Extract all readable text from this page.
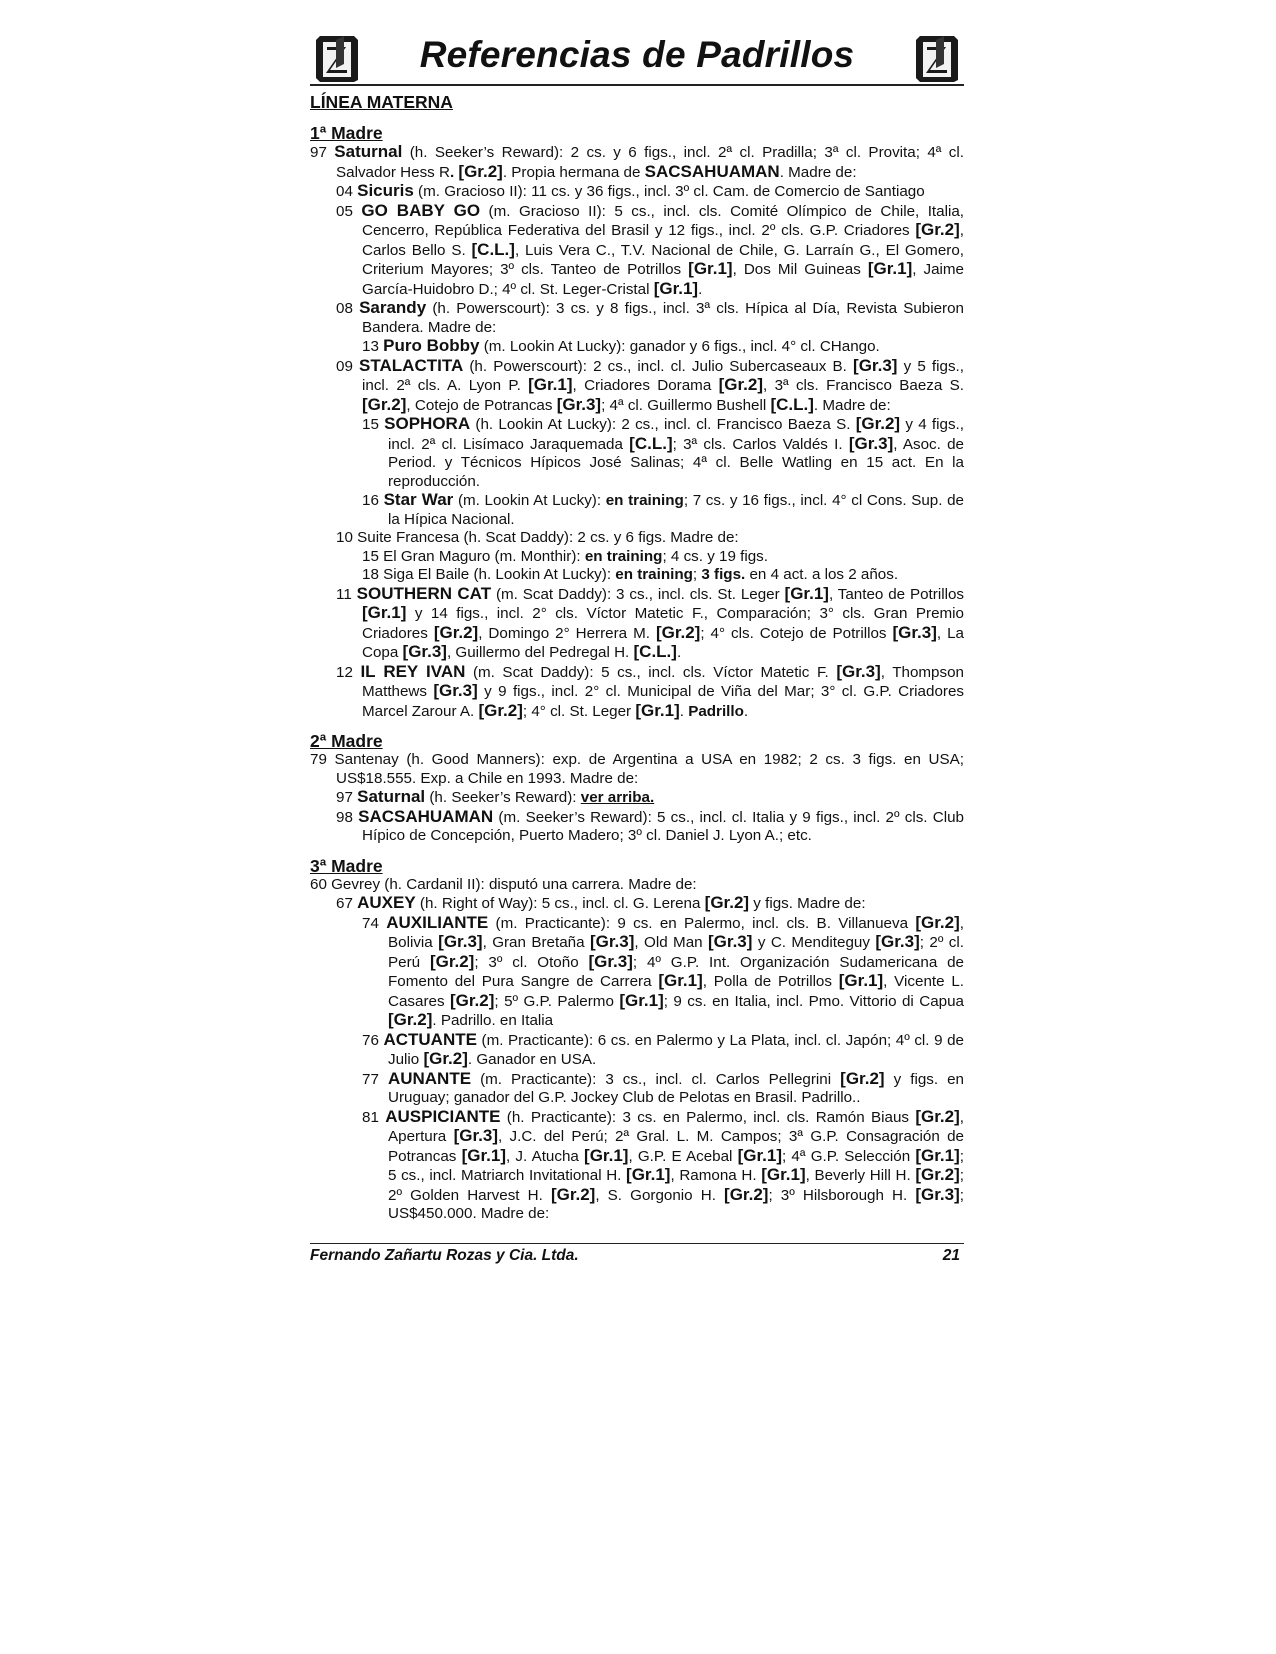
Referencias de Padrillos
LÍNEA MATERNA
1ª Madre
97 Saturnal (h. Seeker’s Reward): 2 cs. y 6 figs., incl. 2ª cl. Pradilla; 3ª cl. Provita; 4ª cl. Salvador Hess R. [Gr.2]. Propia hermana de SACSAHUAMAN. Madre de:
04 Sicuris (m. Gracioso II): 11 cs. y 36 figs., incl. 3º cl. Cam. de Comercio de Santiago
05 GO BABY GO (m. Gracioso II): 5 cs., incl. cls. Comité Olímpico de Chile, Italia, Cencerro, República Federativa del Brasil y 12 figs., incl. 2º cls. G.P. Criadores [Gr.2], Carlos Bello S. [C.L.], Luis Vera C., T.V. Nacional de Chile, G. Larraín G., El Gomero, Criterium Mayores; 3º cls. Tanteo de Potrillos [Gr.1], Dos Mil Guineas [Gr.1], Jaime García-Huidobro D.; 4º cl. St. Leger-Cristal [Gr.1].
08 Sarandy (h. Powerscourt): 3 cs. y 8 figs., incl. 3ª cls. Hípica al Día, Revista Subieron Bandera. Madre de:
13 Puro Bobby (m. Lookin At Lucky): ganador y 6 figs., incl. 4° cl. CHango.
09 STALACTITA (h. Powerscourt): 2 cs., incl. cl. Julio Subercaseaux B. [Gr.3] y 5 figs., incl. 2ª cls. A. Lyon P. [Gr.1], Criadores Dorama [Gr.2], 3ª cls. Francisco Baeza S. [Gr.2], Cotejo de Potrancas [Gr.3]; 4ª cl. Guillermo Bushell [C.L.]. Madre de:
15 SOPHORA (h. Lookin At Lucky): 2 cs., incl. cl. Francisco Baeza S. [Gr.2] y 4 figs., incl. 2ª cl. Lisímaco Jaraquemada [C.L.]; 3ª cls. Carlos Valdés I. [Gr.3], Asoc. de Period. y Técnicos Hípicos José Salinas; 4ª cl. Belle Watling en 15 act. En la reproducción.
16 Star War (m. Lookin At Lucky): en training; 7 cs. y 16 figs., incl. 4° cl Cons. Sup. de la Hípica Nacional.
10 Suite Francesa (h. Scat Daddy): 2 cs. y 6 figs. Madre de:
15 El Gran Maguro (m. Monthir): en training; 4 cs. y 19 figs.
18 Siga El Baile (h. Lookin At Lucky): en training; 3 figs. en 4 act. a los 2 años.
11 SOUTHERN CAT (m. Scat Daddy): 3 cs., incl. cls. St. Leger [Gr.1], Tanteo de Potrillos [Gr.1] y 14 figs., incl. 2° cls. Víctor Matetic F., Comparación; 3° cls. Gran Premio Criadores [Gr.2], Domingo 2° Herrera M. [Gr.2]; 4° cls. Cotejo de Potrillos [Gr.3], La Copa [Gr.3], Guillermo del Pedregal H. [C.L.].
12 IL REY IVAN (m. Scat Daddy): 5 cs., incl. cls. Víctor Matetic F. [Gr.3], Thompson Matthews [Gr.3] y 9 figs., incl. 2° cl. Municipal de Viña del Mar; 3° cl. G.P. Criadores Marcel Zarour A. [Gr.2]; 4° cl. St. Leger [Gr.1]. Padrillo.
2ª Madre
79 Santenay (h. Good Manners): exp. de Argentina a USA en 1982; 2 cs. 3 figs. en USA; US$18.555. Exp. a Chile en 1993. Madre de:
97 Saturnal (h. Seeker’s Reward): ver arriba.
98 SACSAHUAMAN (m. Seeker’s Reward): 5 cs., incl. cl. Italia y 9 figs., incl. 2º cls. Club Hípico de Concepción, Puerto Madero; 3º cl. Daniel J. Lyon A.; etc.
3ª Madre
60 Gevrey (h. Cardanil II): disputó una carrera. Madre de:
67 AUXEY (h. Right of Way): 5 cs., incl. cl. G. Lerena [Gr.2] y figs. Madre de:
74 AUXILIANTE (m. Practicante): 9 cs. en Palermo, incl. cls. B. Villanueva [Gr.2], Bolivia [Gr.3], Gran Bretaña [Gr.3], Old Man [Gr.3] y C. Menditeguy [Gr.3]; 2º cl. Perú [Gr.2]; 3º cl. Otoño [Gr.3]; 4º G.P. Int. Organización Sudamericana de Fomento del Pura Sangre de Carrera [Gr.1], Polla de Potrillos [Gr.1], Vicente L. Casares [Gr.2]; 5º G.P. Palermo [Gr.1]; 9 cs. en Italia, incl. Pmo. Vittorio di Capua [Gr.2]. Padrillo. en Italia
76 ACTUANTE (m. Practicante): 6 cs. en Palermo y La Plata, incl. cl. Japón; 4º cl. 9 de Julio [Gr.2]. Ganador en USA.
77 AUNANTE (m. Practicante): 3 cs., incl. cl. Carlos Pellegrini [Gr.2] y figs. en Uruguay; ganador del G.P. Jockey Club de Pelotas en Brasil. Padrillo..
81 AUSPICIANTE (h. Practicante): 3 cs. en Palermo, incl. cls. Ramón Biaus [Gr.2], Apertura [Gr.3], J.C. del Perú; 2ª Gral. L. M. Campos; 3ª G.P. Consagración de Potrancas [Gr.1], J. Atucha [Gr.1], G.P. E Acebal [Gr.1]; 4ª G.P. Selección [Gr.1]; 5 cs., incl. Matriarch Invitational H. [Gr.1], Ramona H. [Gr.1], Beverly Hill H. [Gr.2]; 2º Golden Harvest H. [Gr.2], S. Gorgonio H. [Gr.2]; 3º Hilsborough H. [Gr.3]; US$450.000. Madre de:
Fernando Zañartu Rozas y Cia. Ltda.	21
